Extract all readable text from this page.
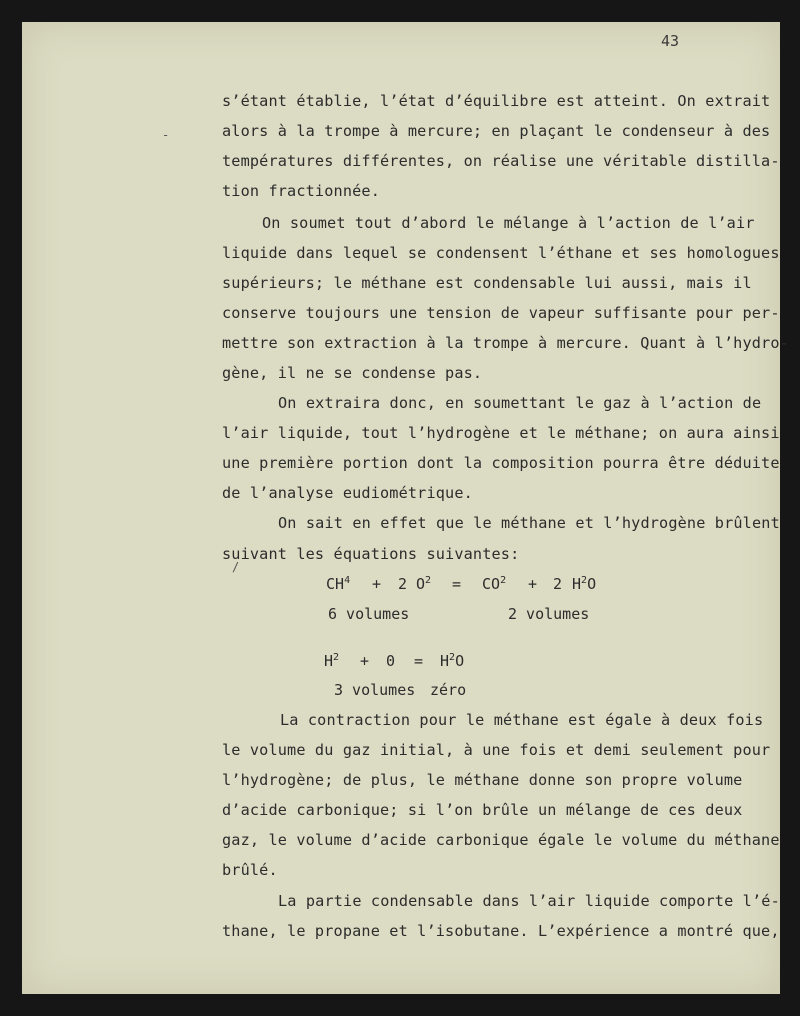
43
-
s’étant établie, l’état d’équilibre est atteint. On extrait
alors à la trompe à mercure; en plaçant le condenseur à des
températures différentes, on réalise une véritable distilla-
tion fractionnée.
On soumet tout d’abord le mélange à l’action de l’air
liquide dans lequel se condensent l’éthane et ses homologues
supérieurs; le méthane est condensable lui aussi, mais il
conserve toujours une tension de vapeur suffisante pour per-
mettre son extraction à la trompe à mercure. Quant à l’hydro-
gène, il ne se condense pas.
On extraira donc, en soumettant le gaz à l’action de
l’air liquide, tout l’hydrogène et le méthane; on aura ainsi
une première portion dont la composition pourra être déduite
de l’analyse eudiométrique.
On sait en effet que le méthane et l’hydrogène brûlent
suivant les équations suivantes:
/
$CH^4 + 2$ $O^2 = CO^2 + 2$ $H^2O$
6 volumes	2 volumes
$H^2 + 0 = H^2O$
3 volumes zéro
La contraction pour le méthane est égale à deux fois
le volume du gaz initial, à une fois et demi seulement pour
l’hydrogène; de plus, le méthane donne son propre volume
d’acide carbonique; si l’on brûle un mélange de ces deux
gaz, le volume d’acide carbonique égale le volume du méthane
brûlé.
La partie condensable dans l’air liquide comporte l’é-
thane, le propane et l’isobutane. L’expérience a montré que,
